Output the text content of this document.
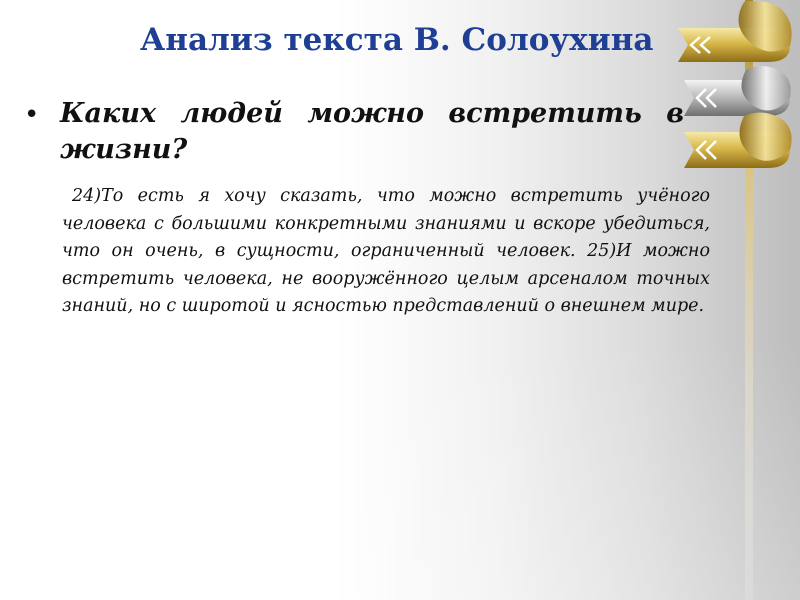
Анализ текста В. Солоухина
• Каких людей можно встретить в жизни?

24)То есть я хочу сказать, что можно встретить учёного человека с большими конкретными знаниями и вскоре убедиться, что он очень, в сущности, ограниченный человек. 25)И можно встретить человека, не вооружённого целым арсеналом точных знаний, но с широтой и ясностью представлений о внешнем мире.
